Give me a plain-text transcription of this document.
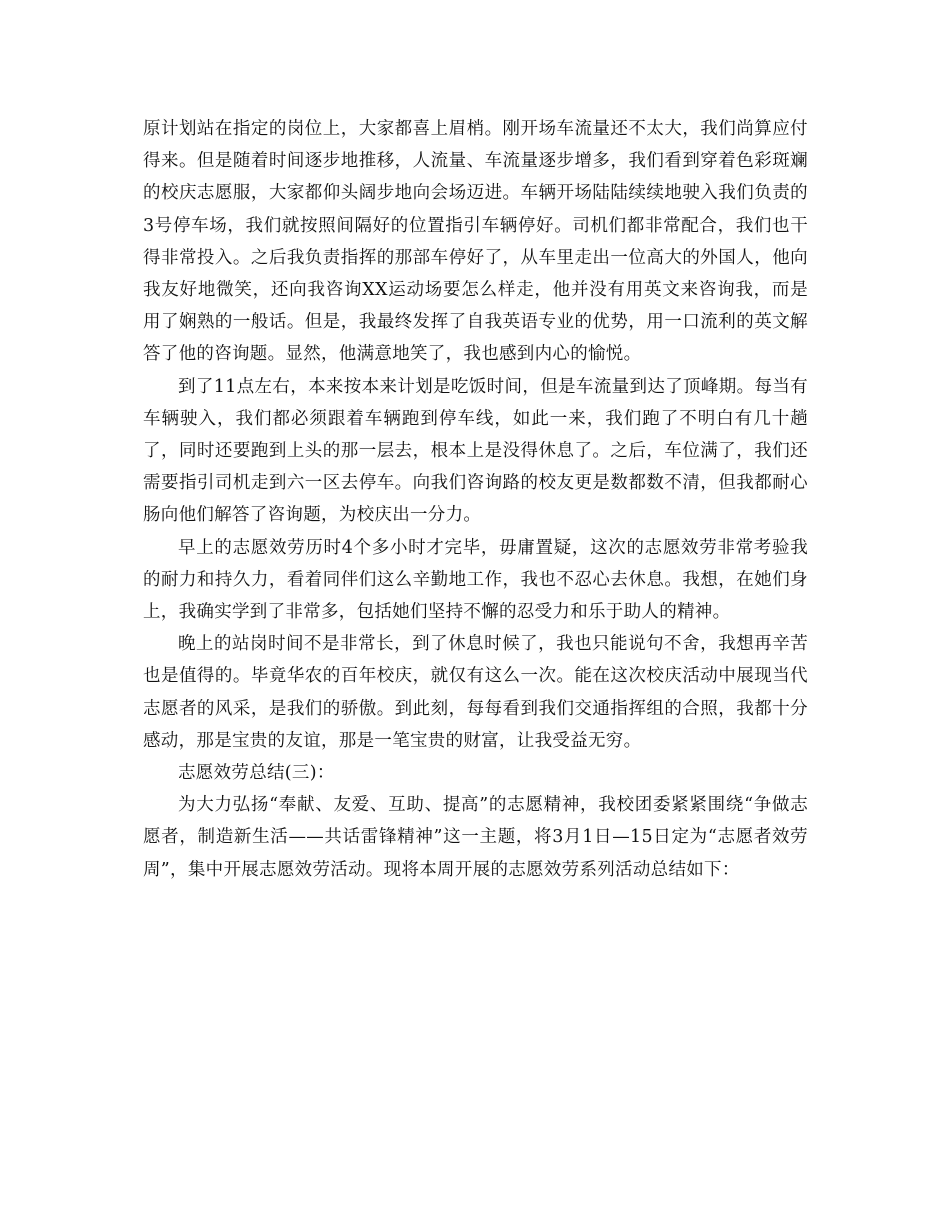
原计划站在指定的岗位上，大家都喜上眉梢。刚开场车流量还不太大，我们尚算应付得来。但是随着时间逐步地推移，人流量、车流量逐步增多，我们看到穿着色彩斑斓的校庆志愿服，大家都仰头阔步地向会场迈进。车辆开场陆陆续续地驶入我们负责的3号停车场，我们就按照间隔好的位置指引车辆停好。司机们都非常配合，我们也干得非常投入。之后我负责指挥的那部车停好了，从车里走出一位高大的外国人，他向我友好地微笑，还向我咨询XX运动场要怎么样走，他并没有用英文来咨询我，而是用了娴熟的一般话。但是，我最终发挥了自我英语专业的优势，用一口流利的英文解答了他的咨询题。显然，他满意地笑了，我也感到内心的愉悦。

到了11点左右，本来按本来计划是吃饭时间，但是车流量到达了顶峰期。每当有车辆驶入，我们都必须跟着车辆跑到停车线，如此一来，我们跑了不明白有几十趟了，同时还要跑到上头的那一层去，根本上是没得休息了。之后，车位满了，我们还需要指引司机走到六一区去停车。向我们咨询路的校友更是数都数不清，但我都耐心肠向他们解答了咨询题，为校庆出一分力。

早上的志愿效劳历时4个多小时才完毕，毋庸置疑，这次的志愿效劳非常考验我的耐力和持久力，看着同伴们这么辛勤地工作，我也不忍心去休息。我想，在她们身上，我确实学到了非常多，包括她们坚持不懈的忍受力和乐于助人的精神。

晚上的站岗时间不是非常长，到了休息时候了，我也只能说句不舍，我想再辛苦也是值得的。毕竟华农的百年校庆，就仅有这么一次。能在这次校庆活动中展现当代志愿者的风采，是我们的骄傲。到此刻，每每看到我们交通指挥组的合照，我都十分感动，那是宝贵的友谊，那是一笔宝贵的财富，让我受益无穷。

志愿效劳总结(三)：

为大力弘扬“奉献、友爱、互助、提高”的志愿精神，我校团委紧紧围绕“争做志愿者，制造新生活——共话雷锋精神”这一主题，将3月1日—15日定为“志愿者效劳周”，集中开展志愿效劳活动。现将本周开展的志愿效劳系列活动总结如下：
